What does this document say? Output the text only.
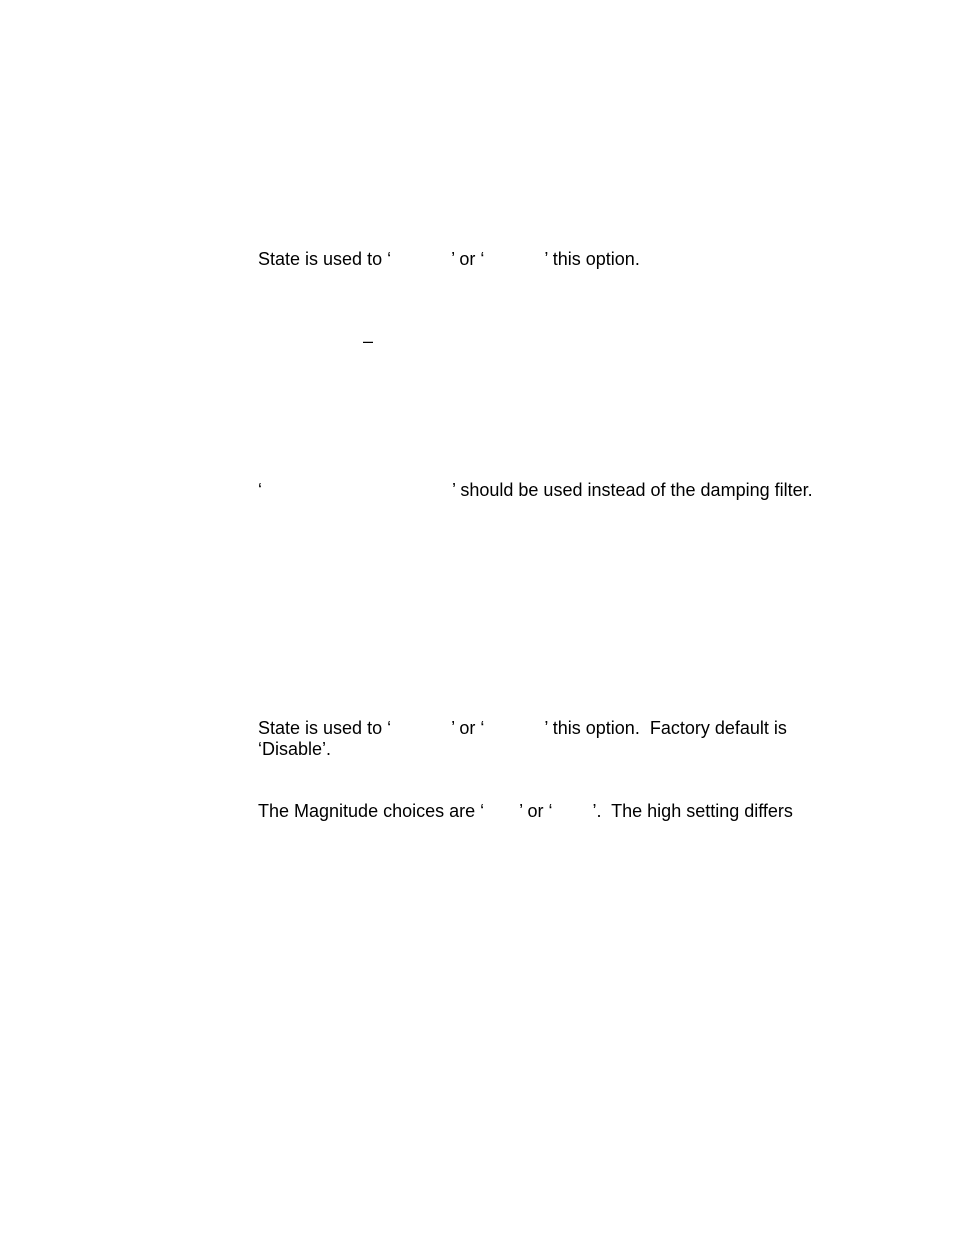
State is used to ‘            ’ or ‘            ’ this option.

–

‘                                      ’ should be used instead of the damping filter.

State is used to ‘            ’ or ‘            ’ this option.  Factory default is

‘Disable’.

The Magnitude choices are ‘       ’ or ‘        ’.  The high setting differs
